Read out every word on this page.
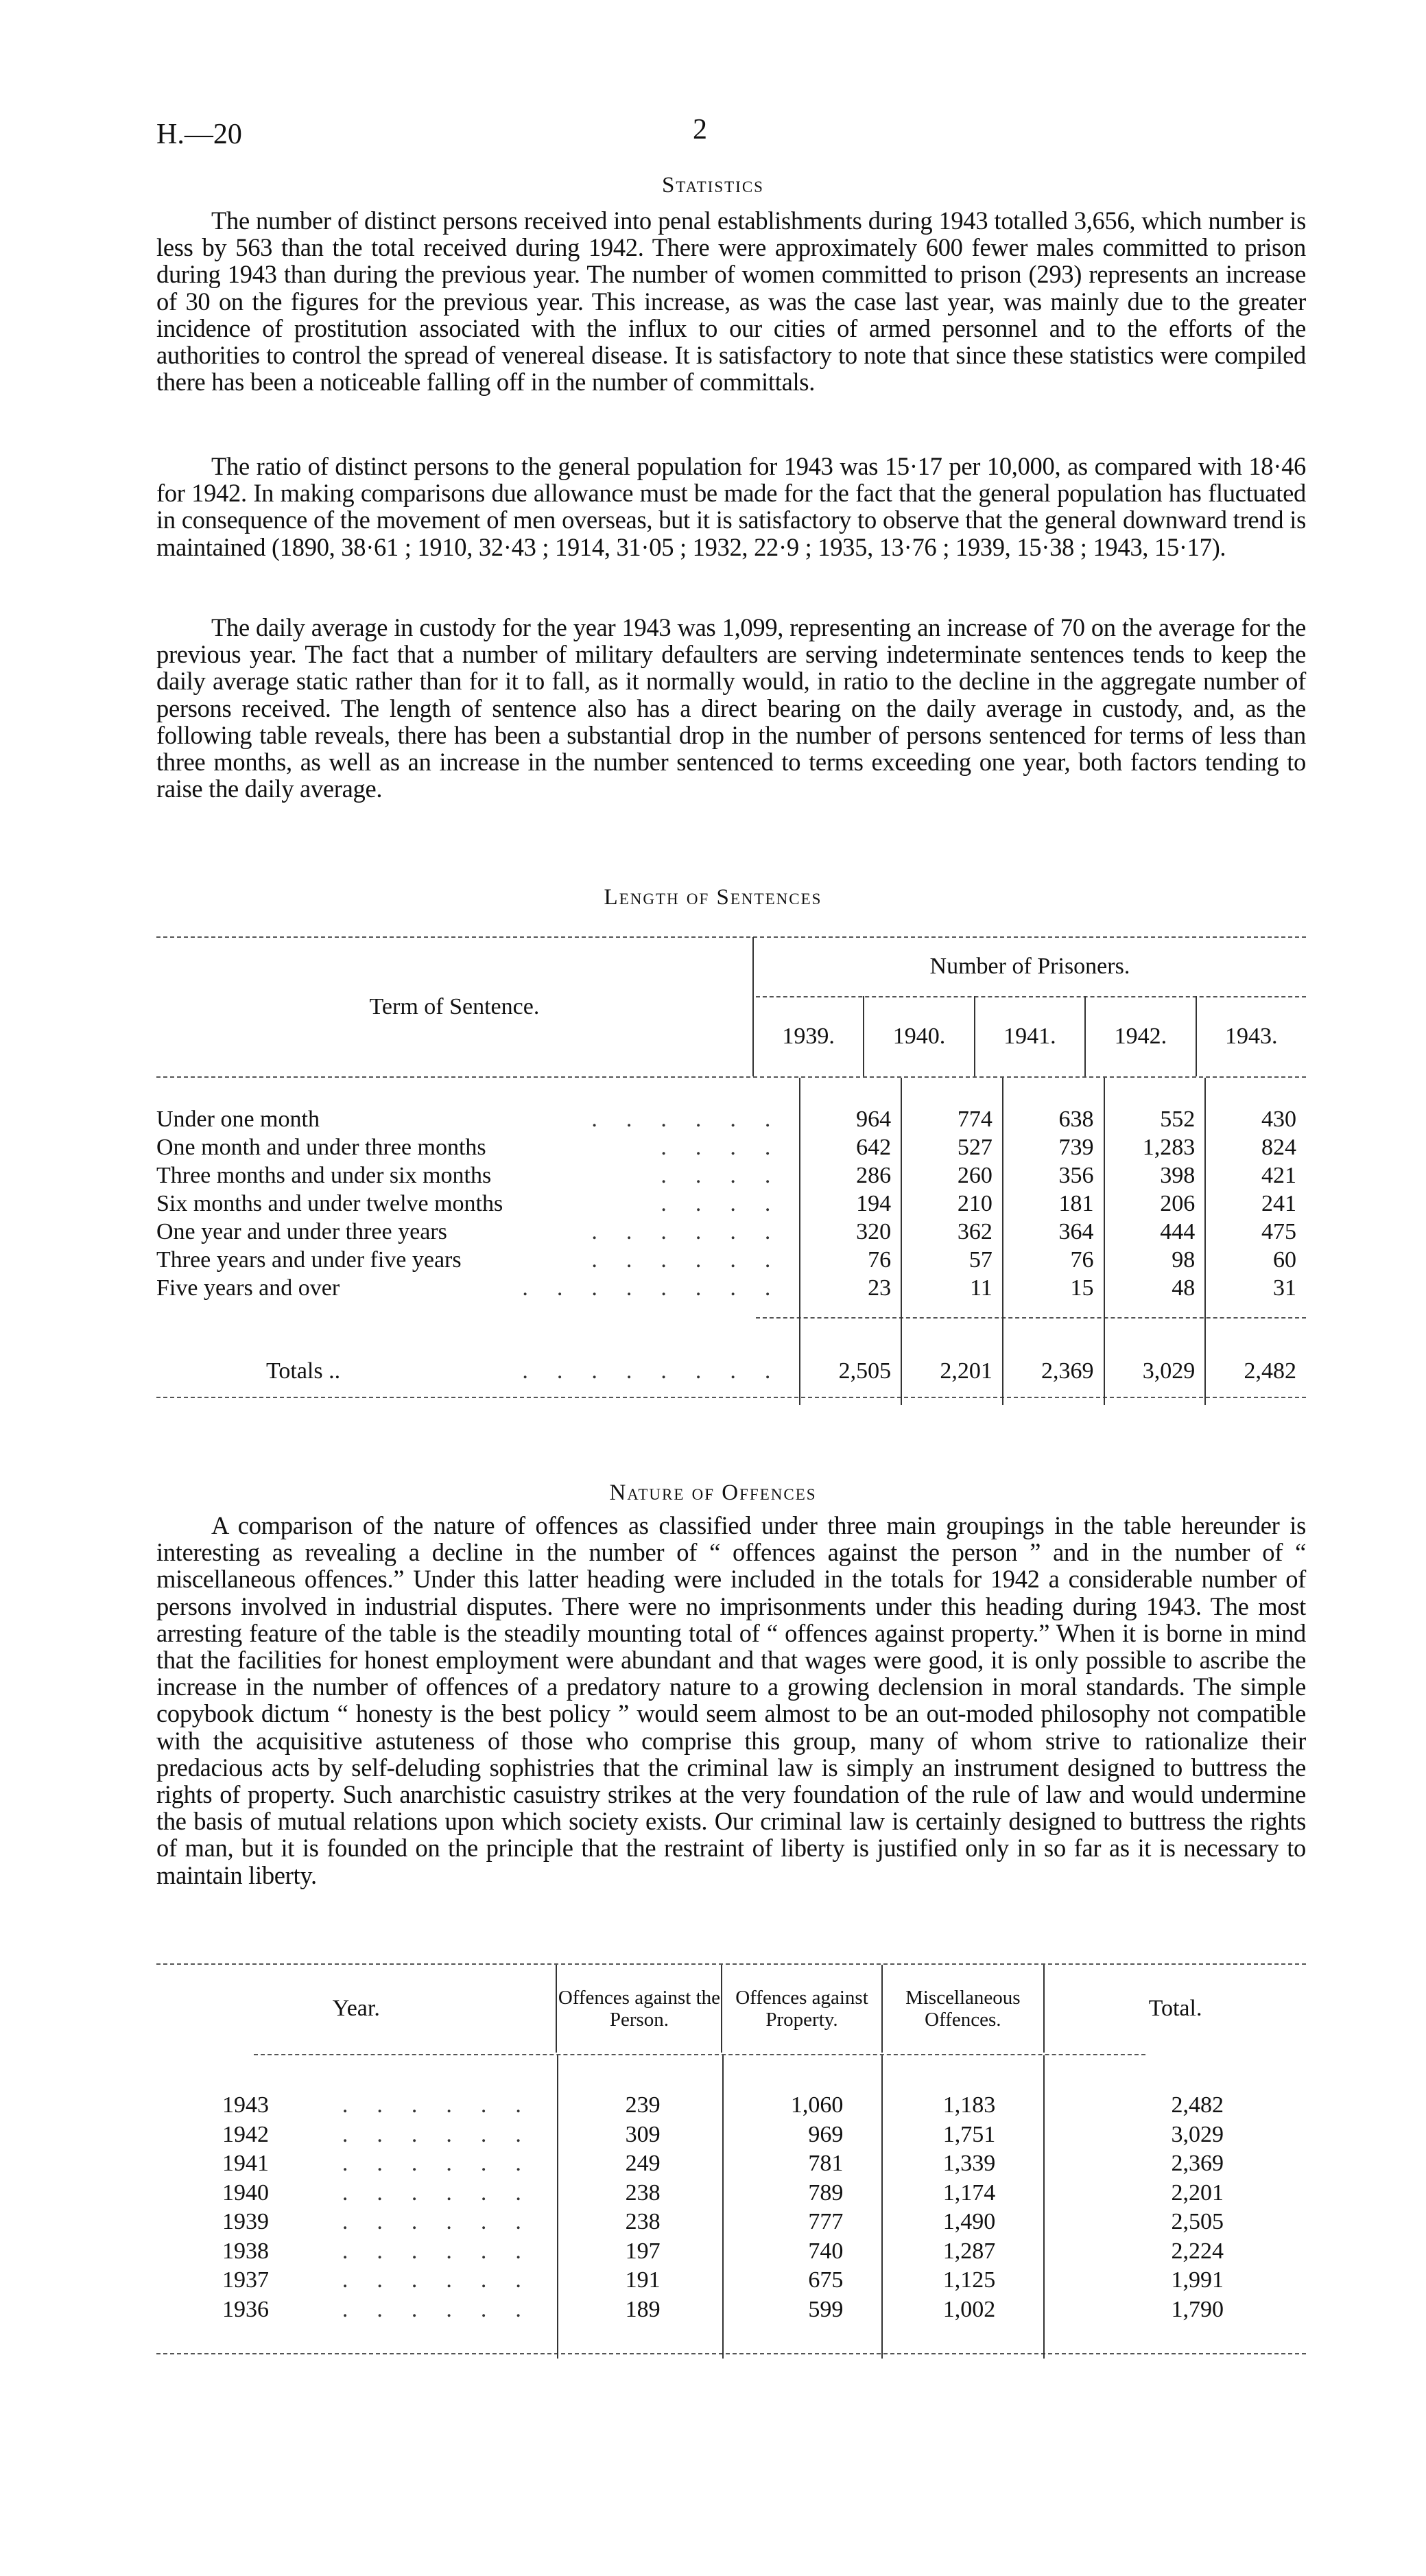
H.—20	2
Statistics

The number of distinct persons received into penal establishments during 1943 totalled 3,656, which number is less by 563 than the total received during 1942. There were approximately 600 fewer males committed to prison during 1943 than during the previous year. The number of women committed to prison (293) represents an increase of 30 on the figures for the previous year. This increase, as was the case last year, was mainly due to the greater incidence of prostitution associated with the influx to our cities of armed personnel and to the efforts of the authorities to control the spread of venereal disease. It is satisfactory to note that since these statistics were compiled there has been a noticeable falling off in the number of committals.

The ratio of distinct persons to the general population for 1943 was 15·17 per 10,000, as compared with 18·46 for 1942. In making comparisons due allowance must be made for the fact that the general population has fluctuated in consequence of the movement of men overseas, but it is satisfactory to observe that the general downward trend is maintained (1890, 38·61 ; 1910, 32·43 ; 1914, 31·05 ; 1932, 22·9 ; 1935, 13·76 ; 1939, 15·38 ; 1943, 15·17).

The daily average in custody for the year 1943 was 1,099, representing an increase of 70 on the average for the previous year. The fact that a number of military defaulters are serving indeterminate sentences tends to keep the daily average static rather than for it to fall, as it normally would, in ratio to the decline in the aggregate number of persons received. The length of sentence also has a direct bearing on the daily average in custody, and, as the following table reveals, there has been a substantial drop in the number of persons sentenced for terms of less than three months, as well as an increase in the number sentenced to terms exceeding one year, both factors tending to raise the daily average.

Length of Sentences
Term of Sentence.	Number of Prisoners.				
	1939.	1940.	1941.	1942.	1943.

......
Under one month	964	774	638	552	430

....
One month and under three months	642	527	739	1,283	824

....
Three months and under six months	286	260	356	398	421

....
Six months and under twelve months	194	210	181	206	241

......
One year and under three years	320	362	364	444	475

......
Three years and under five years	76	57	76	98	60

........
Five years and over	23	11	15	48	31

........
Totals ..	2,505	2,201	2,369	3,029	2,482

Nature of Offences

A comparison of the nature of offences as classified under three main groupings in the table hereunder is interesting as revealing a decline in the number of “ offences against the person ” and in the number of “ miscellaneous offences.” Under this latter heading were included in the totals for 1942 a considerable number of persons involved in industrial disputes. There were no imprisonments under this heading during 1943. The most arresting feature of the table is the steadily mounting total of “ offences against property.” When it is borne in mind that the facilities for honest employment were abundant and that wages were good, it is only possible to ascribe the increase in the number of offences of a predatory nature to a growing declension in moral standards. The simple copybook dictum “ honesty is the best policy ” would seem almost to be an out-moded philosophy not compatible with the acquisitive astuteness of those who comprise this group, many of whom strive to rationalize their predacious acts by self-deluding sophistries that the criminal law is simply an instrument designed to buttress the rights of property. Such anarchistic casuistry strikes at the very foundation of the rule of law and would undermine the basis of mutual relations upon which society exists. Our criminal law is certainly designed to buttress the rights of man, but it is founded on the principle that the restraint of liberty is justified only in so far as it is necessary to maintain liberty.

Year.	Offences against the Person.	Offences against Property.	Miscellaneous Offences.	Total.

......
1943	239	1,060	1,183	2,482

......
1942	309	969	1,751	3,029

......
1941	249	781	1,339	2,369

......
1940	238	789	1,174	2,201

......
1939	238	777	1,490	2,505

......
1938	197	740	1,287	2,224

......
1937	191	675	1,125	1,991

......
1936	189	599	1,002	1,790
